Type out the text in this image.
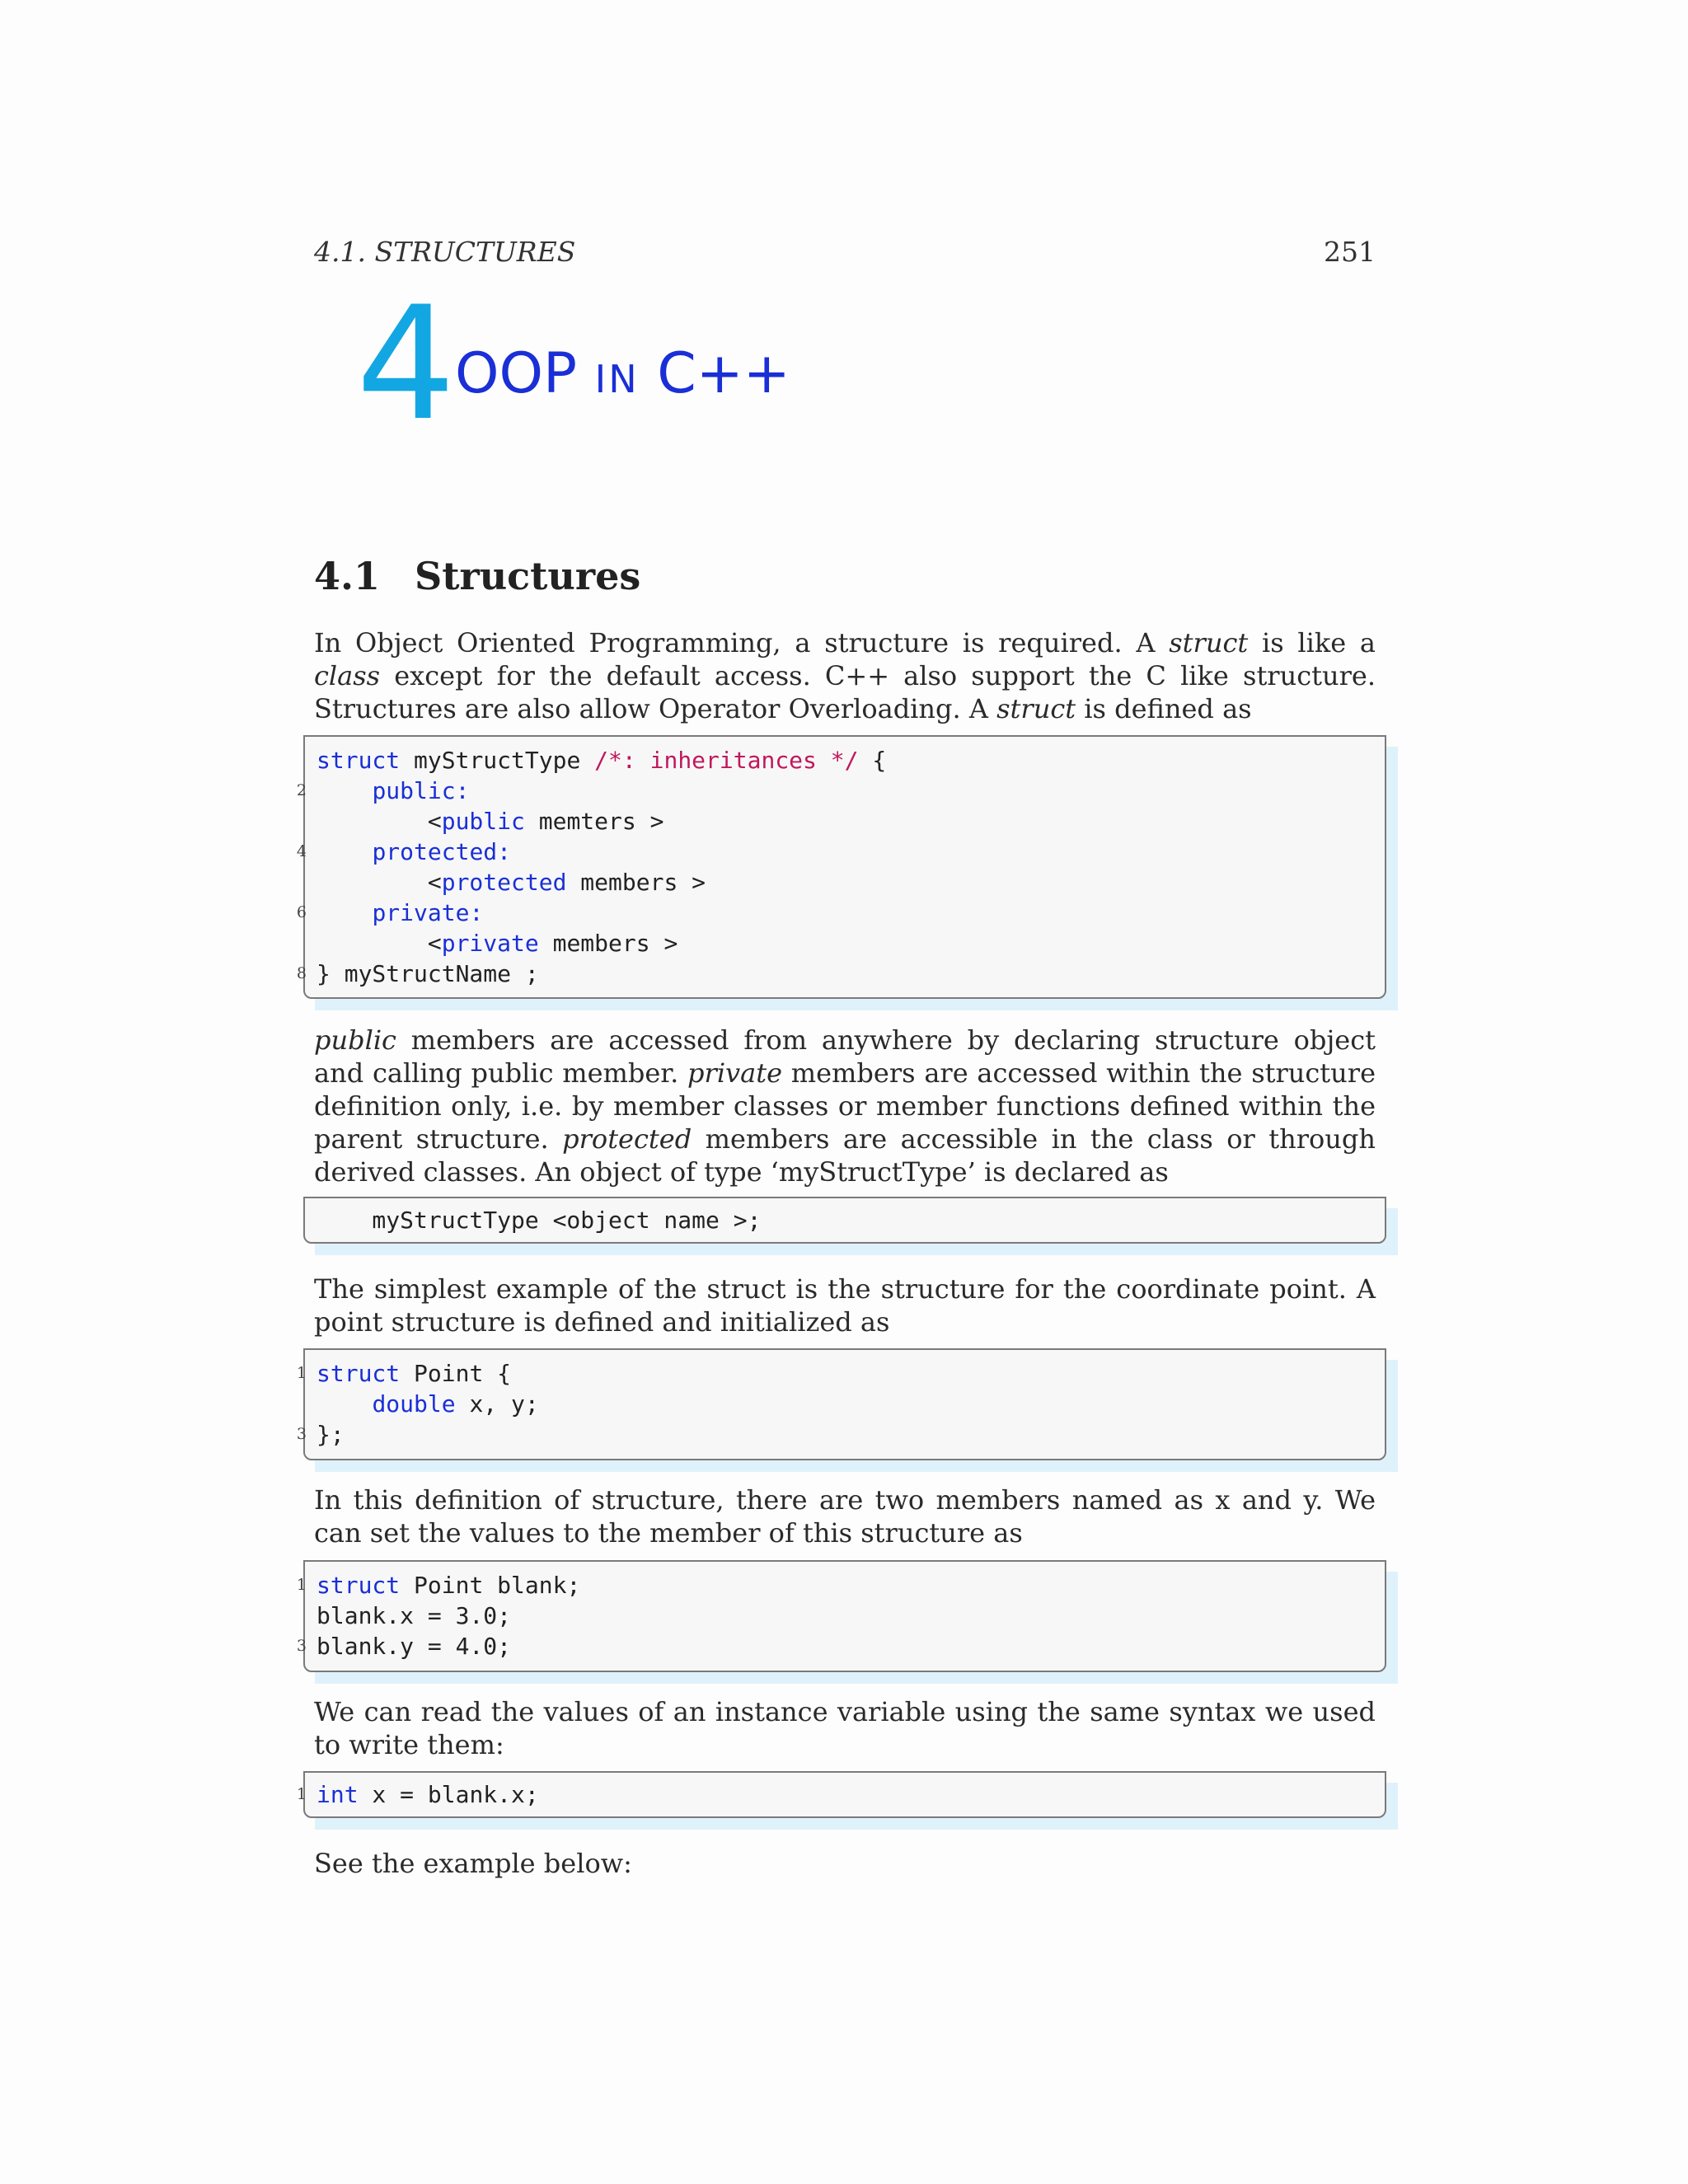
4.1. STRUCTURES	251
4 OOP IN C++
4.1 Structures
In Object Oriented Programming, a structure is required. A struct is like a class except for the default access. C++ also support the C like structure. Structures are also allow Operator Overloading. A struct is defined as
struct myStructType /*: inheritances */ {
2	public:
<public memters >
4	protected:
<protected members >
6	private:
<private members >
8 } myStructName ;
public members are accessed from anywhere by declaring structure object and calling public member. private members are accessed within the structure definition only, i.e. by member classes or member functions defined within the parent structure. protected members are accessible in the class or through derived classes. An object of type ‘myStructType’ is declared as
myStructType <object name >;
The simplest example of the struct is the structure for the coordinate point. A point structure is defined and initialized as
1 struct Point {
double x, y;
3 };
In this definition of structure, there are two members named as x and y. We can set the values to the member of this structure as
1 struct Point blank;
blank.x = 3.0;
3 blank.y = 4.0;
We can read the values of an instance variable using the same syntax we used to write them:
1 int x = blank.x;
See the example below:
